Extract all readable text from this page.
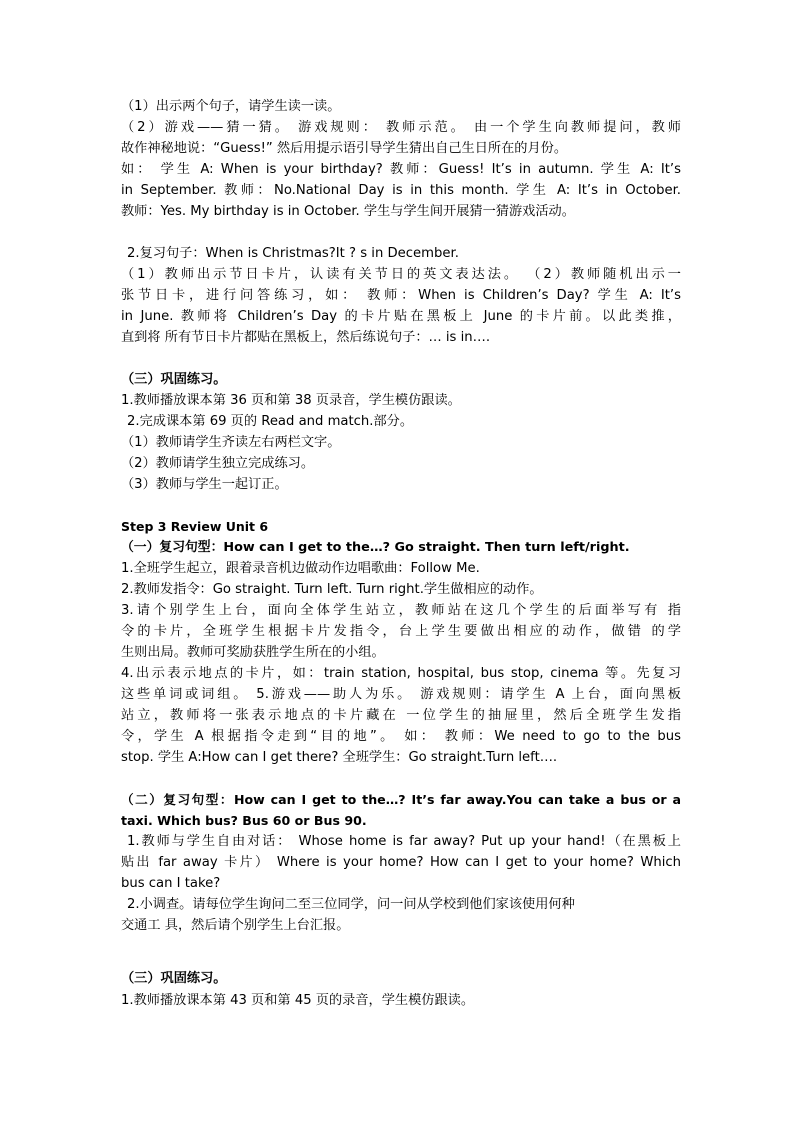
（1）出示两个句子，请学生读一读。

（2）游戏——猜一猜。 游戏规则： 教师示范。 由一个学生向教师提问，教师

故作神秘地说：“Guess!” 然后用提示语引导学生猜出自己生日所在的月份。

如： 学生 A: When is your birthday? 教师：Guess! It’s in autumn. 学生 A: It’s

in September. 教师：No.National Day is in this month. 学生 A: It’s in October.

教师：Yes. My birthday is in October. 学生与学生间开展猜一猜游戏活动。

2.复习句子：When is Christmas?It ? s in December.

（1）教师出示节日卡片，认读有关节日的英文表达法。 （2）教师随机出示一

张节日卡，进行问答练习，如： 教师：When is Children’s Day? 学生 A: It’s

in June. 教师将 Children’s Day 的卡片贴在黑板上 June 的卡片前。以此类推，

直到将 所有节日卡片都贴在黑板上，然后练说句子：… is in….

（三）巩固练习。

1.教师播放课本第 36 页和第 38 页录音，学生模仿跟读。

2.完成课本第 69 页的 Read and match.部分。

（1）教师请学生齐读左右两栏文字。

（2）教师请学生独立完成练习。

（3）教师与学生一起订正。

Step 3 Review Unit 6

（一）复习句型：How can I get to the…? Go straight. Then turn left/right.

1.全班学生起立，跟着录音机边做动作边唱歌曲：Follow Me.

2.教师发指令：Go straight. Turn left. Turn right.学生做相应的动作。

3.请个别学生上台，面向全体学生站立，教师站在这几个学生的后面举写有 指

令的卡片，全班学生根据卡片发指令，台上学生要做出相应的动作，做错 的学

生则出局。教师可奖励获胜学生所在的小组。

4.出示表示地点的卡片，如：train station, hospital, bus stop, cinema 等。先复习

这些单词或词组。 5.游戏——助人为乐。 游戏规则：请学生 A 上台，面向黑板

站立，教师将一张表示地点的卡片藏在 一位学生的抽屉里，然后全班学生发指

令，学生 A 根据指令走到“目的地”。 如： 教师：We need to go to the bus

stop. 学生 A:How can I get there? 全班学生：Go straight.Turn left….

（二）复习句型：How can I get to the…? It’s far away.You can take a bus or a

taxi. Which bus? Bus 60 or Bus 90.

1.教师与学生自由对话： Whose home is far away? Put up your hand!（在黑板上

贴出 far away 卡片） Where is your home? How can I get to your home? Which

bus can I take?

2.小调查。请每位学生询问二至三位同学，问一问从学校到他们家该使用何种

交通工 具，然后请个别学生上台汇报。

（三）巩固练习。

1.教师播放课本第 43 页和第 45 页的录音，学生模仿跟读。
